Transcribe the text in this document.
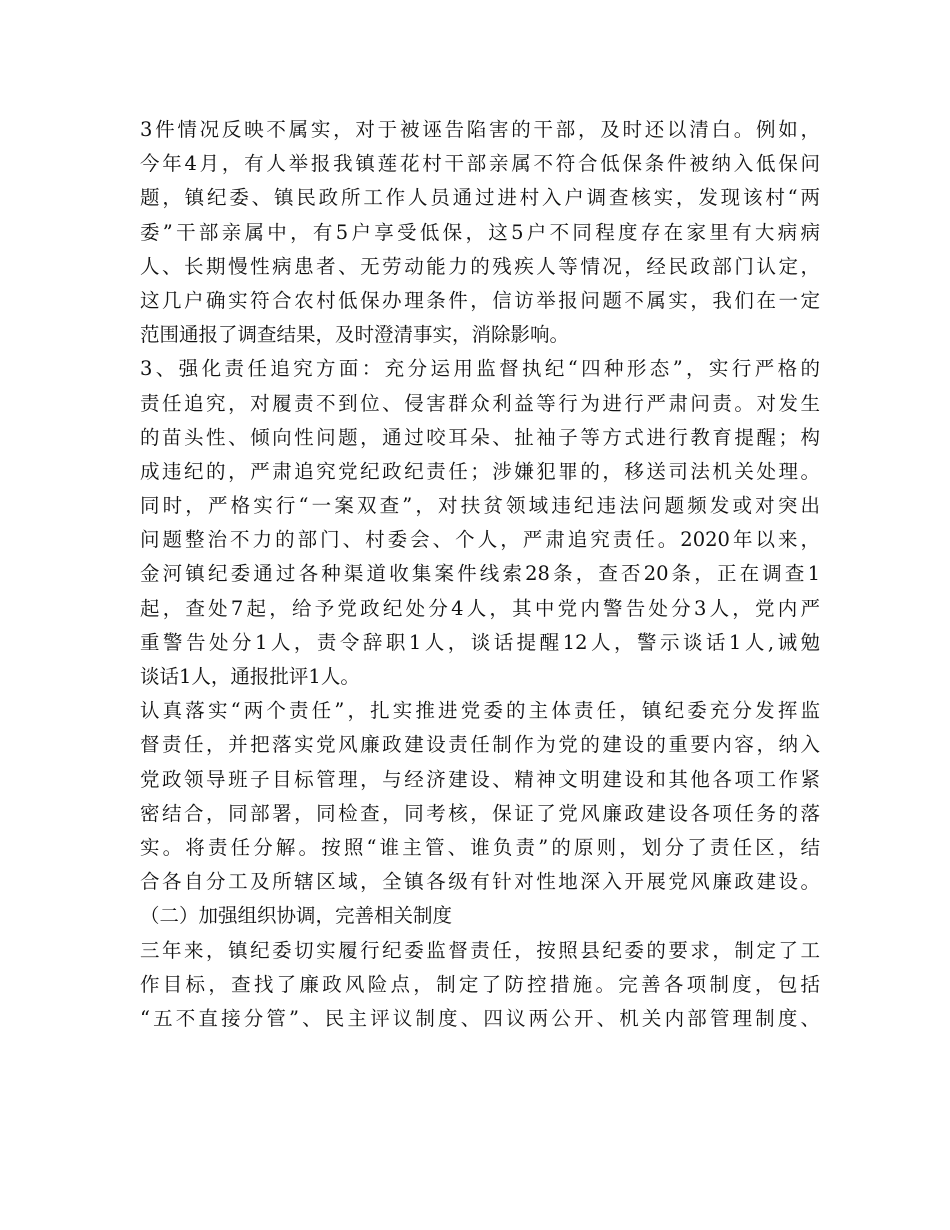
3件情况反映不属实，对于被诬告陷害的干部，及时还以清白。例如，
今年4月，有人举报我镇莲花村干部亲属不符合低保条件被纳入低保问
题，镇纪委、镇民政所工作人员通过进村入户调查核实，发现该村“两
委”干部亲属中，有5户享受低保，这5户不同程度存在家里有大病病
人、长期慢性病患者、无劳动能力的残疾人等情况，经民政部门认定，
这几户确实符合农村低保办理条件，信访举报问题不属实，我们在一定
范围通报了调查结果，及时澄清事实，消除影响。
3、强化责任追究方面：充分运用监督执纪“四种形态”，实行严格的
责任追究，对履责不到位、侵害群众利益等行为进行严肃问责。对发生
的苗头性、倾向性问题，通过咬耳朵、扯袖子等方式进行教育提醒；构
成违纪的，严肃追究党纪政纪责任；涉嫌犯罪的，移送司法机关处理。
同时，严格实行“一案双查”，对扶贫领域违纪违法问题频发或对突出
问题整治不力的部门、村委会、个人，严肃追究责任。2020年以来，
金河镇纪委通过各种渠道收集案件线索28条，查否20条，正在调查1
起，查处7起，给予党政纪处分4人，其中党内警告处分3人，党内严
重警告处分1人，责令辞职1人，谈话提醒12人，警示谈话1人,诫勉
谈话1人，通报批评1人。
认真落实“两个责任”，扎实推进党委的主体责任，镇纪委充分发挥监
督责任，并把落实党风廉政建设责任制作为党的建设的重要内容，纳入
党政领导班子目标管理，与经济建设、精神文明建设和其他各项工作紧
密结合，同部署，同检查，同考核，保证了党风廉政建设各项任务的落
实。将责任分解。按照“谁主管、谁负责”的原则，划分了责任区，结
合各自分工及所辖区域，全镇各级有针对性地深入开展党风廉政建设。
（二）加强组织协调，完善相关制度
三年来，镇纪委切实履行纪委监督责任，按照县纪委的要求，制定了工
作目标，查找了廉政风险点，制定了防控措施。完善各项制度，包括
“五不直接分管”、民主评议制度、四议两公开、机关内部管理制度、
